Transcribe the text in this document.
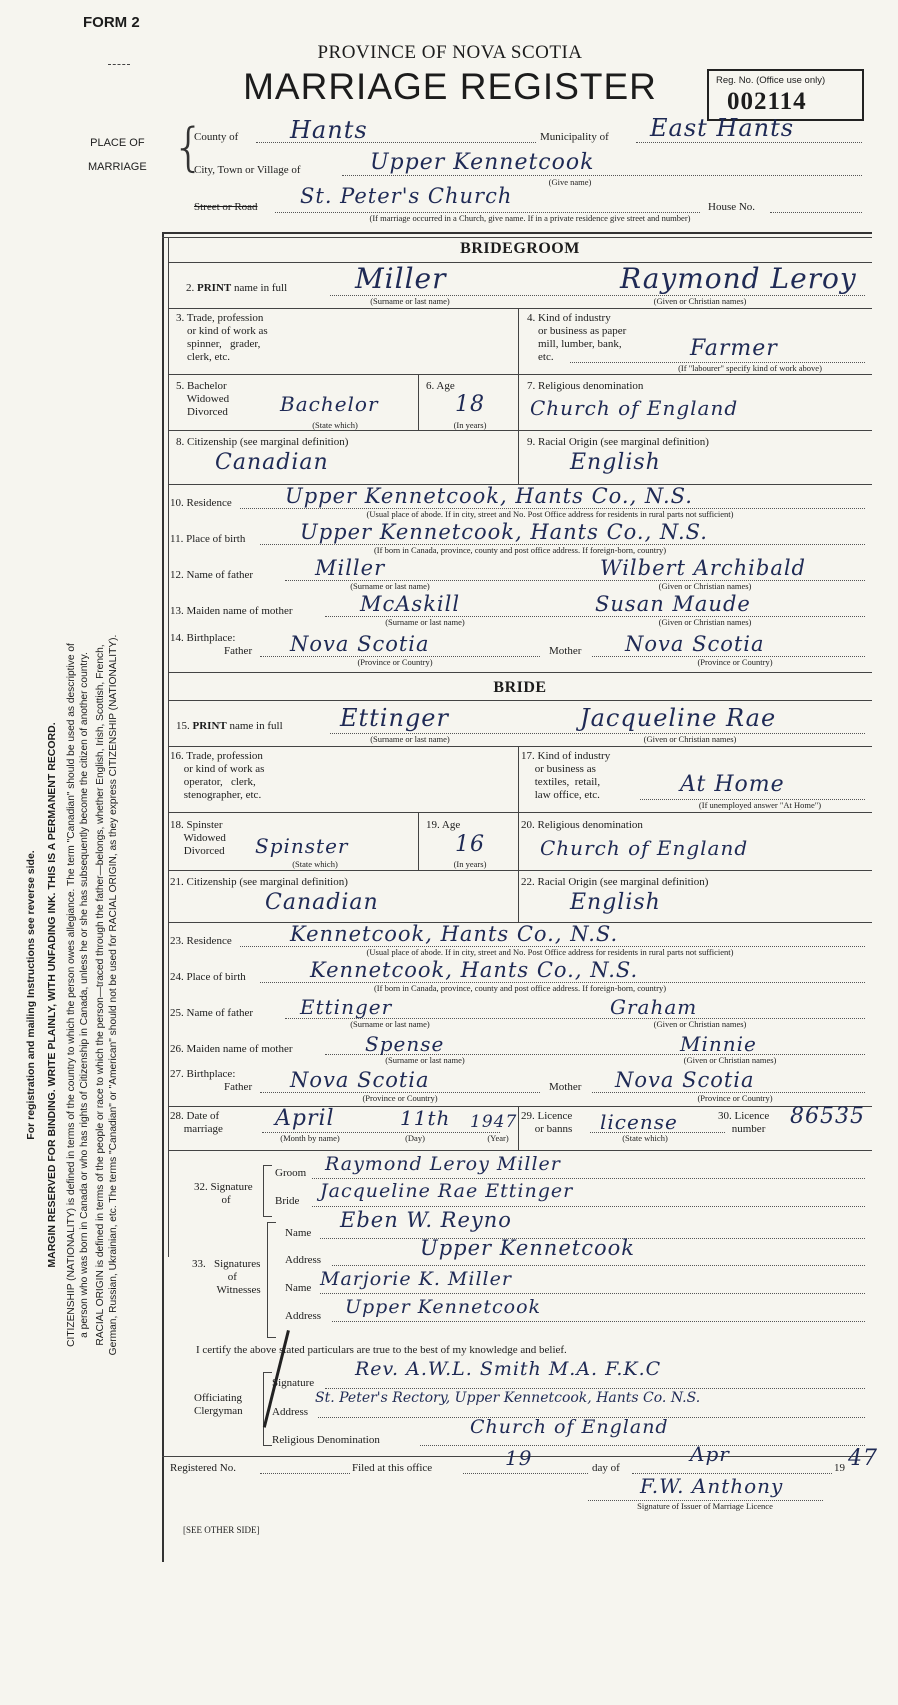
FORM 2
PROVINCE OF NOVA SCOTIA
MARRIAGE REGISTER	Reg. No. (Office use only)
002114
PLACE OF
MARRIAGE {
County of Hants	Municipality of East Hants
City, Town or Village of	Upper Kennetcook
(Give name)
Street or Road St. Peter's Church	House No.
(If marriage occurred in a Church, give name. If in a private residence give street and number)
For registration and mailing Instructions see reverse side. MARGIN RESERVED FOR BINDING. WRITE PLAINLY, WITH UNFADING INK. THIS IS A PERMANENT RECORD. CITIZENSHIP (NATIONALITY) is defined in terms of the country to which the person owes allegiance. The term "Canadian" should be used as descriptive of a person who was born in Canada or who has rights of Citizenship in Canada, unless he or she has subsequently become the citizen of another country. RACIAL ORIGIN is defined in terms of the people or race to which the person—traced through the father—belongs, whether English, Irish, Scottish, French, German, Russian, Ukrainian, etc. The terms "Canadian" or "American" should not be used for RACIAL ORIGIN, as they express CITIZENSHIP (NATIONALITY).
BRIDEGROOM
2. PRINT name in full Miller	Raymond Leroy
(Surname or last name)	(Given or Christian names)
3. Trade, profession
or kind of work as
spinner,   grader,
clerk, etc.
4. Kind of industry
or business as paper
mill, lumber, bank,
etc.	Farmer
(If "labourer" specify kind of work above)
5. Bachelor
Widowed
Divorced	Bachelor
(State which)
6. Age
18
(In years)
7. Religious denomination
Church of England
8. Citizenship (see marginal definition)
Canadian
9. Racial Origin (see marginal definition)
English
10. Residence	Upper Kennetcook, Hants Co., N.S.
(Usual place of abode. If in city, street and No. Post Office address for residents in rural parts not sufficient)
11. Place of birth	Upper Kennetcook, Hants Co., N.S.
(If born in Canada, province, county and post office address. If foreign-born, country)
12. Name of father	Miller	Wilbert Archibald
(Surname or last name)	(Given or Christian names)
13. Maiden name of mother	McAskill	Susan Maude
(Surname or last name)	(Given or Christian names)
14. Birthplace:
Father Nova Scotia	Mother Nova Scotia
(Province or Country)	(Province or Country)
BRIDE
15. PRINT name in full Ettinger	Jacqueline Rae
(Surname or last name)	(Given or Christian names)
16. Trade, profession
or kind of work as
operator,   clerk,
stenographer, etc.
17. Kind of industry
or business as
textiles,  retail,
law office, etc.	At Home
(If unemployed answer "At Home")
18. Spinster
Widowed
Divorced Spinster
(State which)
19. Age
16
(In years)
20. Religious denomination
Church of England
21. Citizenship (see marginal definition)
Canadian
22. Racial Origin (see marginal definition)
English
23. Residence	Kennetcook, Hants Co., N.S.
(Usual place of abode. If in city, street and No. Post Office address for residents in rural parts not sufficient)
24. Place of birth	Kennetcook, Hants Co., N.S.
(If born in Canada, province, county and post office address. If foreign-born, country)
25. Name of father Ettinger	Graham
(Surname or last name)	(Given or Christian names)
26. Maiden name of mother	Spense	Minnie
(Surname or last name)	(Given or Christian names)
27. Birthplace:
Father Nova Scotia	Mother Nova Scotia
(Province or Country)	(Province or Country)
28. Date of
marriage April	11th 1947
(Month by name)	(Day)	(Year)
29. Licence
or banns license
(State which)
30. Licence
number 86535
32. Signature
of
Groom Raymond Leroy Miller
Bride Jacqueline Rae Ettinger
33.   Signatures
of
Witnesses
Name
Eben W. Reyno
Address	Upper Kennetcook
Name Marjorie K. Miller
Address Upper Kennetcook
I certify the above stated particulars are true to the best of my knowledge and belief.
Officiating
Clergyman
Signature
Rev. A.W.L. Smith M.A. F.K.C
Address
St. Peter's Rectory, Upper Kennetcook, Hants Co. N.S.
Religious Denomination
Church of England
Registered No.	Filed at this office	19	day of
Apr
19 47
F.W. Anthony
Signature of Issuer of Marriage Licence
[SEE OTHER SIDE]
